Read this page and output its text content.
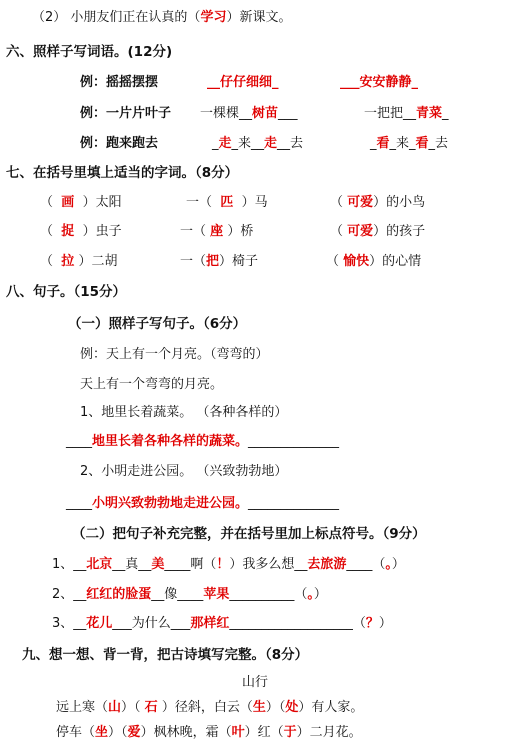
（2） 小朋友们正在认真的（学习）新课文。
六、照样子写词语。(12分)
例：摇摇摆摆	__仔仔细细_	___安安静静_
例：一片片叶子 一棵棵__树苗___	一把把__青菜_
例：跑来跑去	_走_来__走__去	_看_来_看_去
七、在括号里填上适当的字词。（8分）
（ 画 ）太阳	一（ 匹 ）马	（ 可爱）的小鸟
（ 捉 ）虫子	一（ 座 ）桥	（ 可爱）的孩子
（ 拉 ）二胡	一（把）椅子	（ 愉快）的心情
八、句子。（15分）
（一）照样子写句子。（6分）
例：天上有一个月亮。（弯弯的）
天上有一个弯弯的月亮。
1、地里长着蔬菜。 （各种各样的）
____地里长着各种各样的蔬菜。______________
2、小明走进公园。 （兴致勃勃地）
____小明兴致勃勃地走进公园。______________
（二）把句子补充完整，并在括号里加上标点符号。（9分）
1、__北京__真__美____啊（！）我多么想__去旅游____（。）
2、__红红的脸蛋__像____苹果__________（。）
3、__花儿___为什么___那样红___________________（？）
九、想一想、背一背，把古诗填写完整。（8分）
山行
远上寒（山）（ 石 ）径斜，白云（生）（处）有人家。
停车（坐）（爱）枫林晚，霜（叶）红（于）二月花。
